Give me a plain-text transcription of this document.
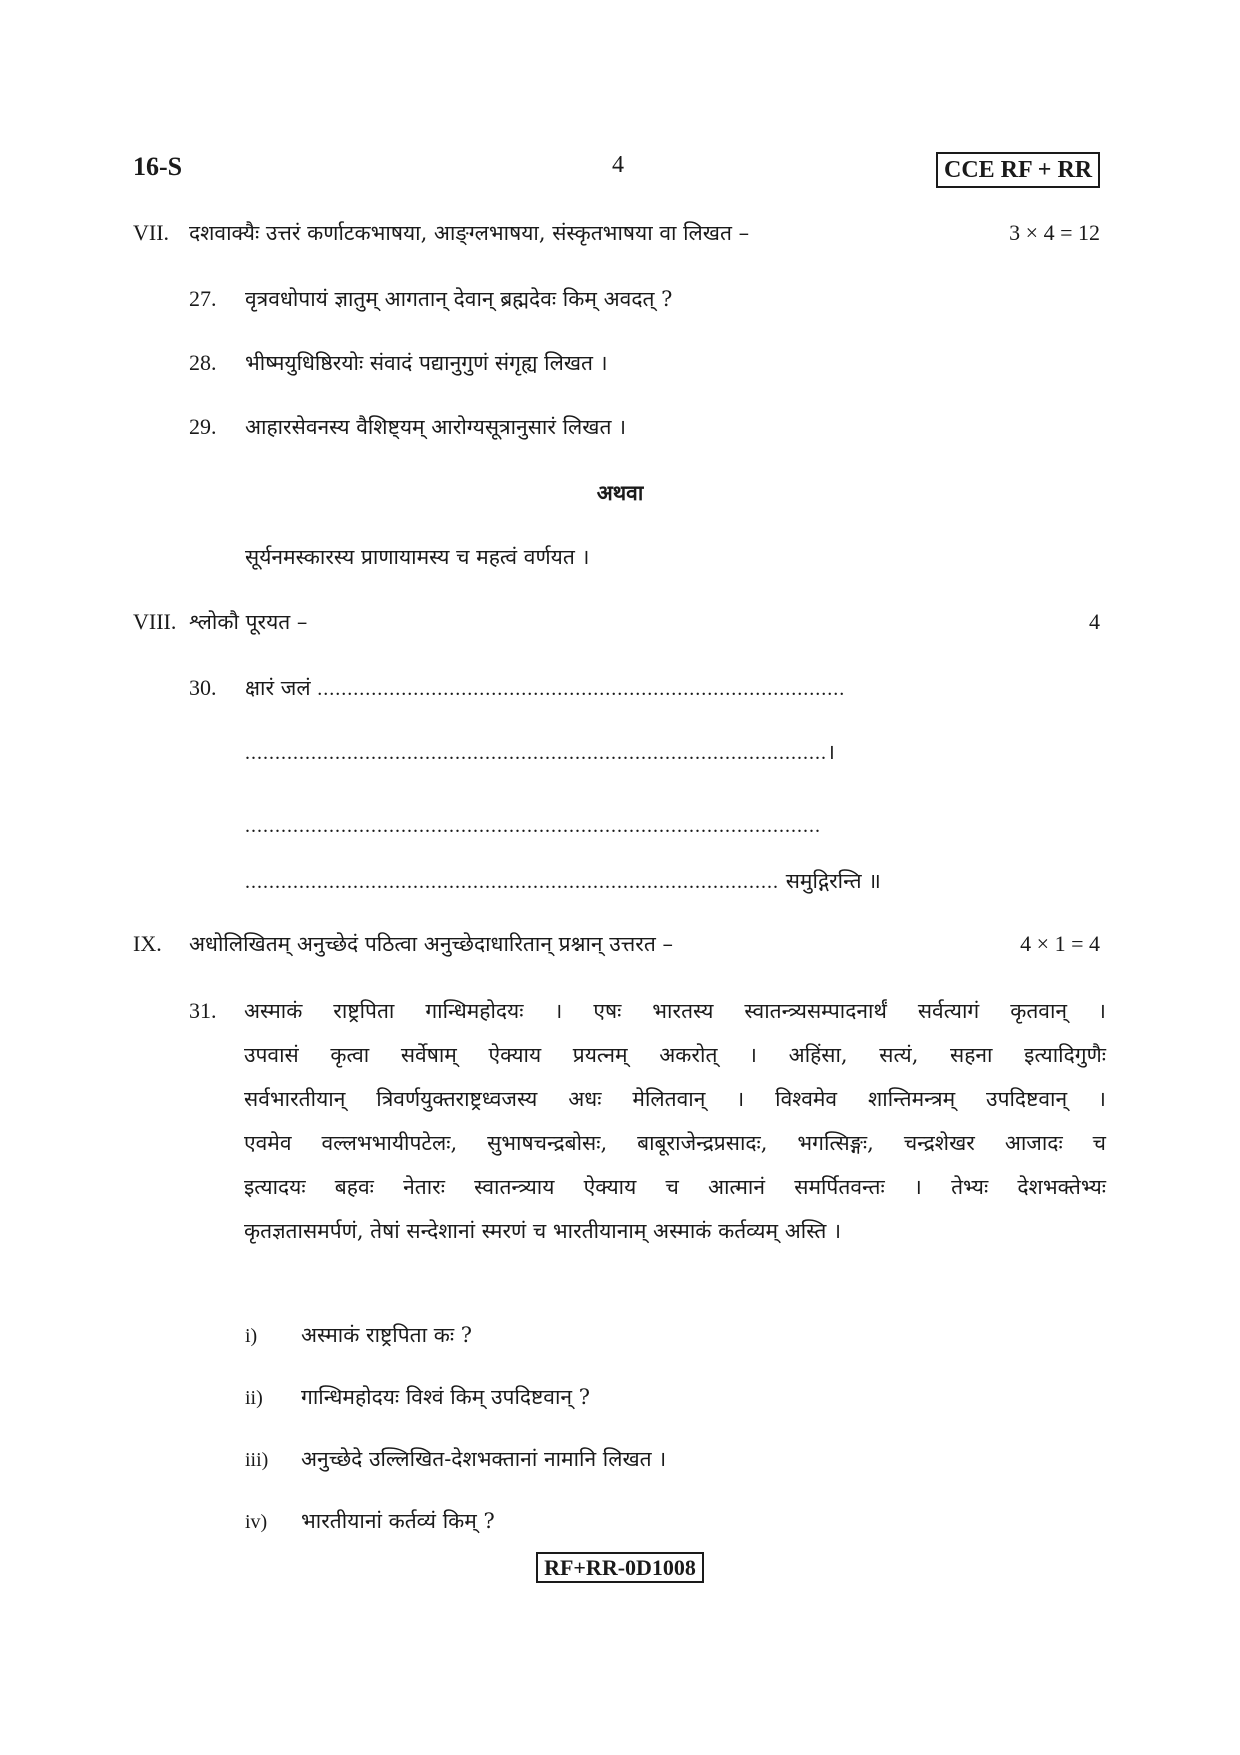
16-S	4	CCE RF + RR
VII. दशवाक्यैः उत्तरं कर्णाटकभाषया, आङ्ग्लभाषया, संस्कृतभाषया वा लिखत –	3 × 4 = 12
27. वृत्रवधोपायं ज्ञातुम् आगतान् देवान् ब्रह्मदेवः किम् अवदत् ?
28. भीष्मयुधिष्ठिरयोः संवादं पद्यानुगुणं संगृह्य लिखत ।
29. आहारसेवनस्य वैशिष्ट्यम् आरोग्यसूत्रानुसारं लिखत ।
अथवा
सूर्यनमस्कारस्य प्राणायामस्य च महत्वं वर्णयत ।
VIII. श्लोकौ पूरयत –	4
30. क्षारं जलं ........................................................................................
.................................................................................................।
................................................................................................
......................................................................................... समुद्गिरन्ति ॥
IX. अधोलिखितम् अनुच्छेदं पठित्वा अनुच्छेदाधारितान् प्रश्नान् उत्तरत –	4 × 1 = 4
31.	अस्माकं राष्ट्रपिता गान्धिमहोदयः । एषः भारतस्य स्वातन्त्र्यसम्पादनार्थं सर्वत्यागं कृतवान् ।
उपवासं कृत्वा सर्वेषाम् ऐक्याय प्रयत्नम् अकरोत् । अहिंसा, सत्यं, सहना इत्यादिगुणैः
सर्वभारतीयान् त्रिवर्णयुक्तराष्ट्रध्वजस्य अधः मेलितवान् । विश्वमेव शान्तिमन्त्रम् उपदिष्टवान् ।
एवमेव वल्लभभायीपटेलः, सुभाषचन्द्रबोसः, बाबूराजेन्द्रप्रसादः, भगत्सिङ्गः, चन्द्रशेखर आजादः च
इत्यादयः बहवः नेतारः स्वातन्त्र्याय ऐक्याय च आत्मानं समर्पितवन्तः । तेभ्यः देशभक्तेभ्यः
कृतज्ञतासमर्पणं, तेषां सन्देशानां स्मरणं च भारतीयानाम् अस्माकं कर्तव्यम् अस्ति ।
i) अस्माकं राष्ट्रपिता कः ?
ii) गान्धिमहोदयः विश्वं किम् उपदिष्टवान् ?
iii) अनुच्छेदे उल्लिखित-देशभक्तानां नामानि लिखत ।
iv) भारतीयानां कर्तव्यं किम् ?
RF+RR-0D1008
